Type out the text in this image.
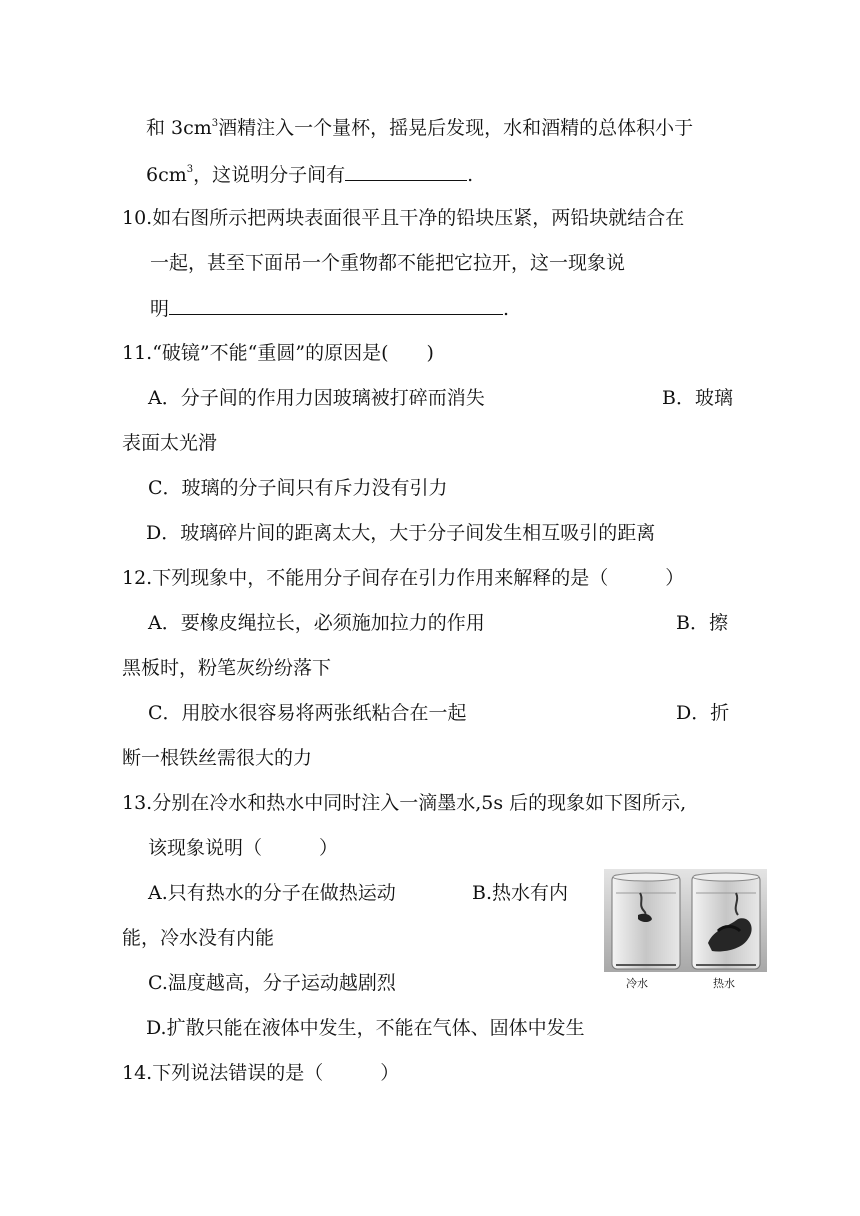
和 $3cm^3$酒精注入一个量杯，摇晃后发现，水和酒精的总体积小于
$6cm^3$，这说明分子间有	.
10.如右图所示把两块表面很平且干净的铅块压紧，两铅块就结合在
一起，甚至下面吊一个重物都不能把它拉开，这一现象说
明	.
11.“破镜”不能“重圆”的原因是(　　)
A．分子间的作用力因玻璃被打碎而消失	B．玻璃
表面太光滑
C．玻璃的分子间只有斥力没有引力
D．玻璃碎片间的距离太大，大于分子间发生相互吸引的距离
12.下列现象中，不能用分子间存在引力作用来解释的是（　　　）
A．要橡皮绳拉长，必须施加拉力的作用	B．擦
黑板时，粉笔灰纷纷落下
C．用胶水很容易将两张纸粘合在一起	D．折
断一根铁丝需很大的力
13.分别在冷水和热水中同时注入一滴墨水,5s 后的现象如下图所示,
该现象说明（　　　）
A.只有热水的分子在做热运动	B.热水有内
能，冷水没有内能
C.温度越高，分子运动越剧烈
D.扩散只能在液体中发生，不能在气体、固体中发生
冷水	热水
14.下列说法错误的是（　　　）
